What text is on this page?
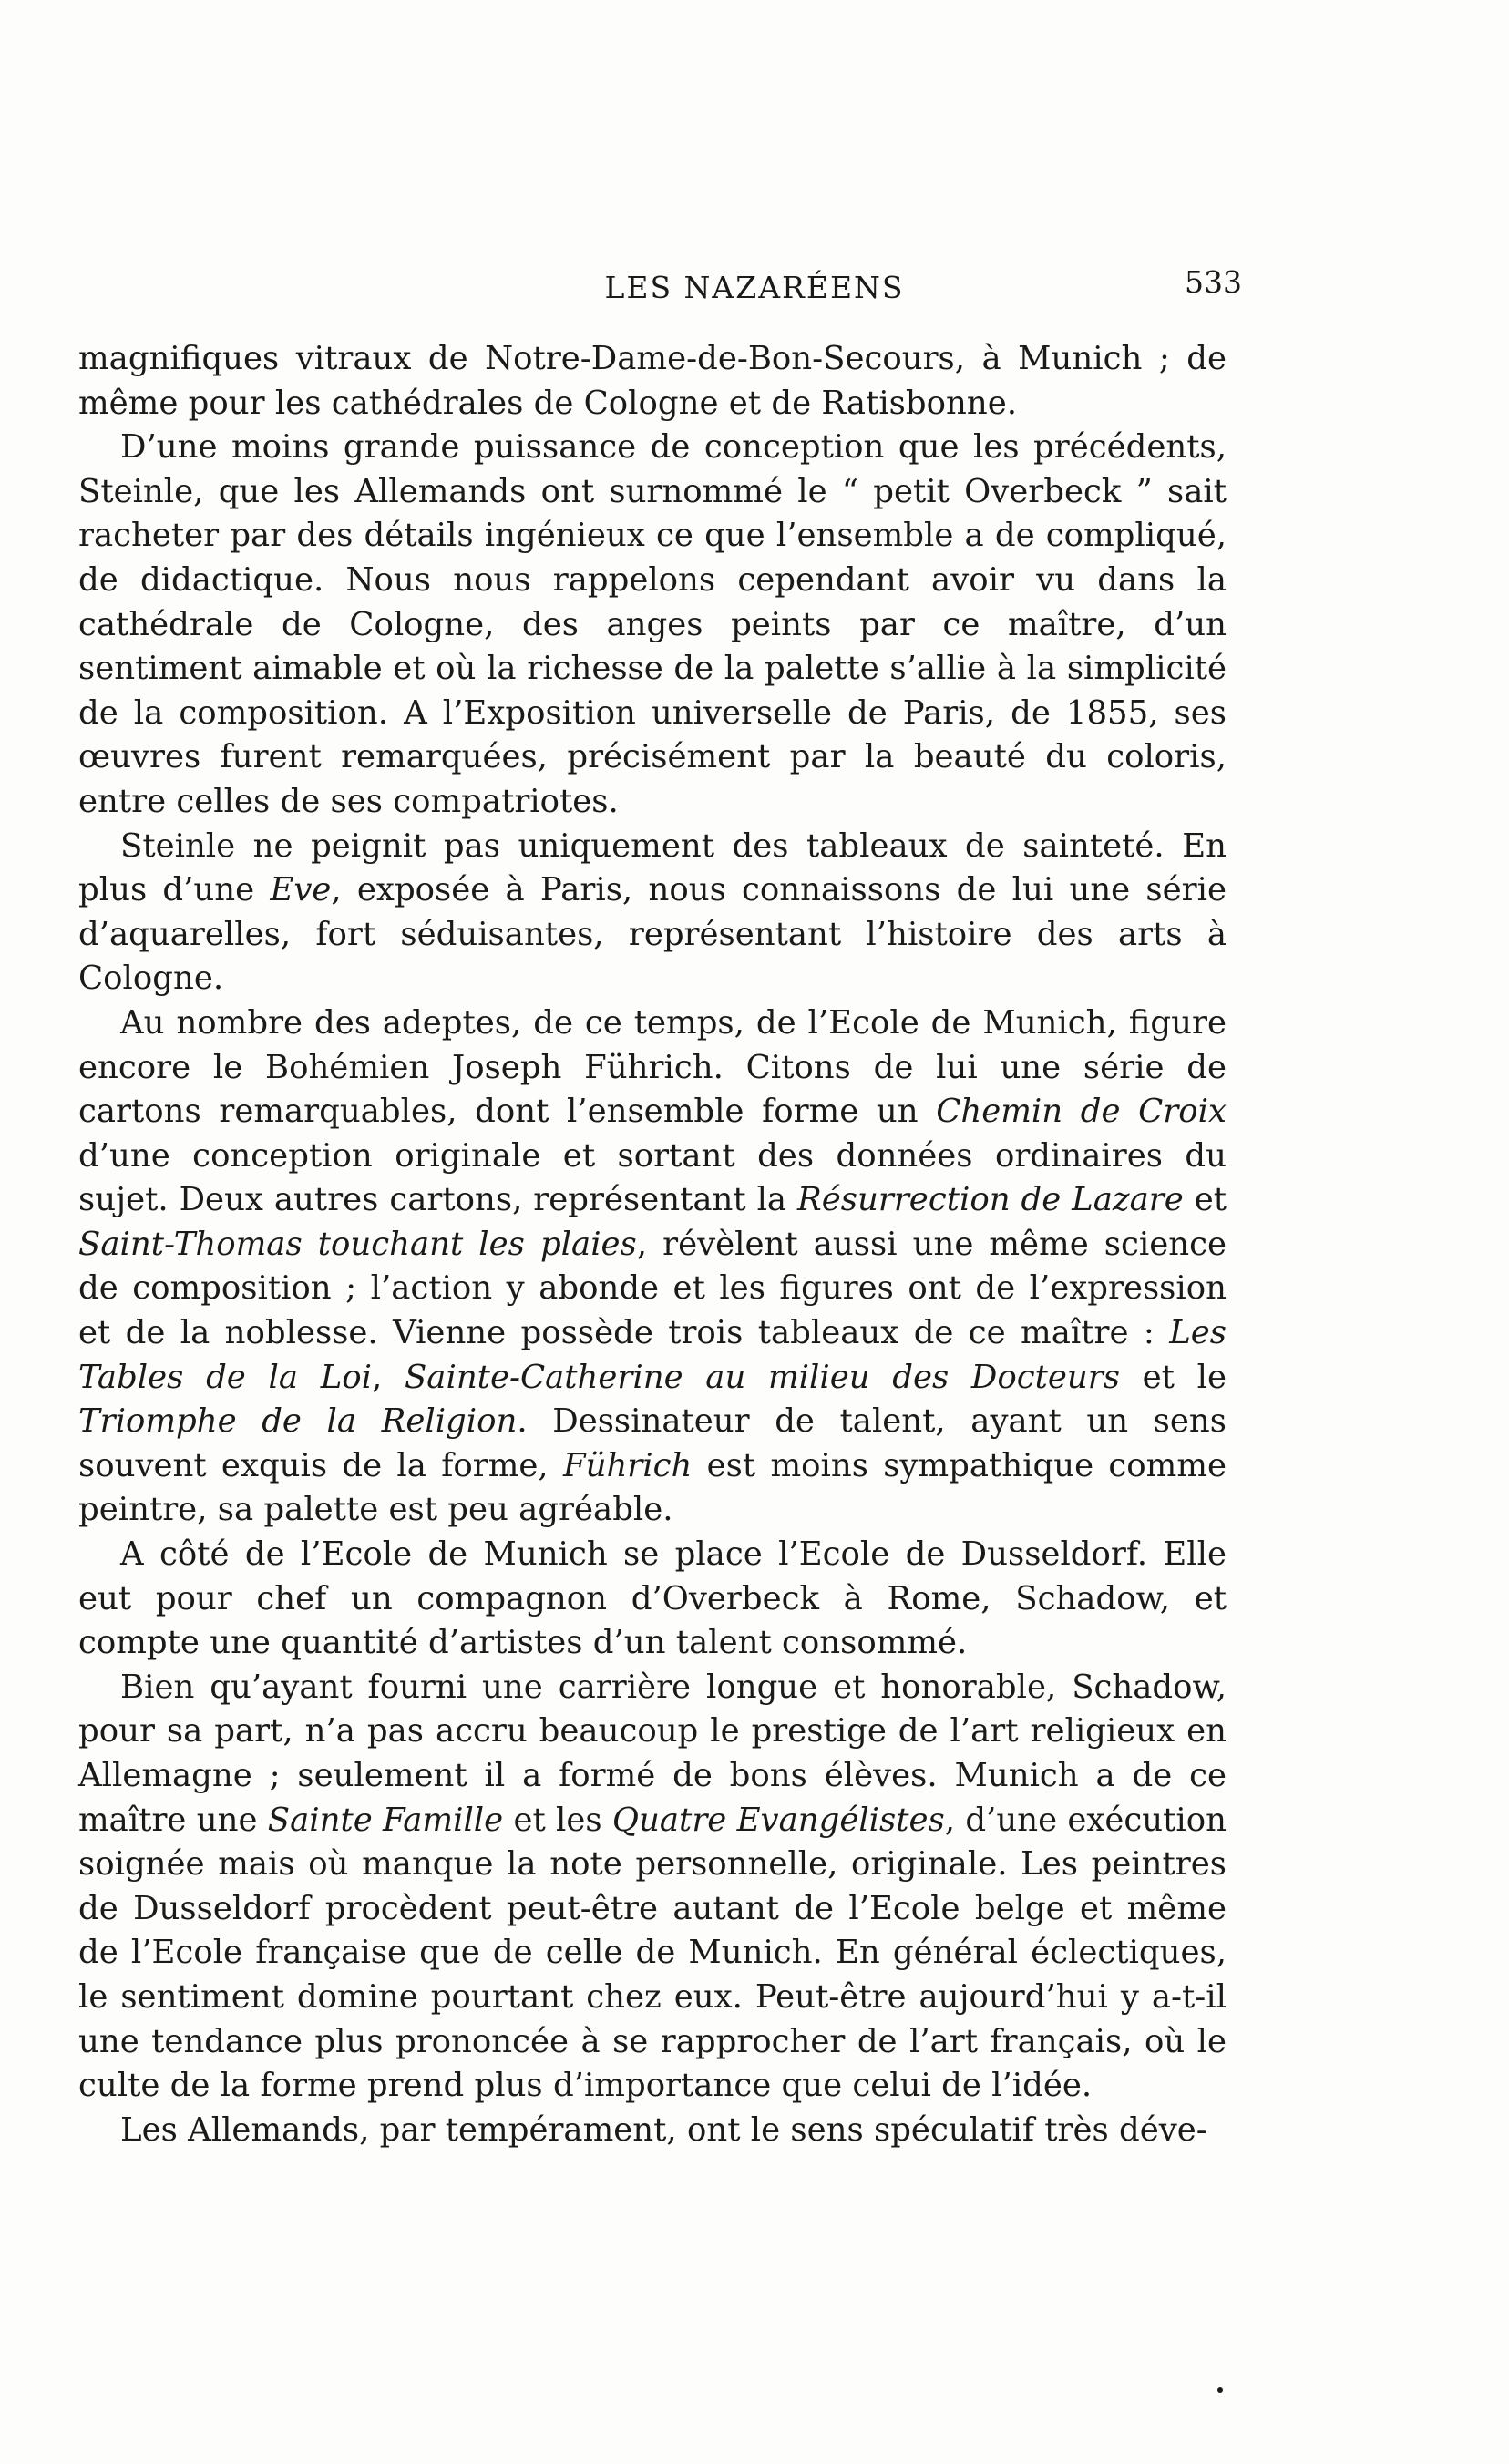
LES NAZARÉENS	533

magnifiques vitraux de Notre-Dame-de-Bon-Secours, à Munich ; de même pour les cathédrales de Cologne et de Ratisbonne.

D’une moins grande puissance de conception que les précédents, Steinle, que les Allemands ont surnommé le “ petit Overbeck ” sait racheter par des détails ingénieux ce que l’ensemble a de compliqué, de didactique. Nous nous rappelons cependant avoir vu dans la cathédrale de Cologne, des anges peints par ce maître, d’un sentiment aimable et où la richesse de la palette s’allie à la simplicité de la composition. A l’Exposition universelle de Paris, de 1855, ses œuvres furent remarquées, précisément par la beauté du coloris, entre celles de ses compatriotes.

Steinle ne peignit pas uniquement des tableaux de sainteté. En plus d’une Eve, exposée à Paris, nous connaissons de lui une série d’aquarelles, fort séduisantes, représentant l’histoire des arts à Cologne.

Au nombre des adeptes, de ce temps, de l’Ecole de Munich, figure encore le Bohémien Joseph Führich. Citons de lui une série de cartons remarquables, dont l’ensemble forme un Chemin de Croix d’une conception originale et sortant des données ordinaires du sujet. Deux autres cartons, représentant la Résurrection de Lazare et Saint-Thomas touchant les plaies, révèlent aussi une même science de composition ; l’action y abonde et les figures ont de l’expression et de la noblesse. Vienne possède trois tableaux de ce maître : Les Tables de la Loi, Sainte-Catherine au milieu des Docteurs et le Triomphe de la Religion. Dessinateur de talent, ayant un sens souvent exquis de la forme, Führich est moins sympathique comme peintre, sa palette est peu agréable.

A côté de l’Ecole de Munich se place l’Ecole de Dusseldorf. Elle eut pour chef un compagnon d’Overbeck à Rome, Schadow, et compte une quantité d’artistes d’un talent consommé.

Bien qu’ayant fourni une carrière longue et honorable, Schadow, pour sa part, n’a pas accru beaucoup le prestige de l’art religieux en Allemagne ; seulement il a formé de bons élèves. Munich a de ce maître une Sainte Famille et les Quatre Evangélistes, d’une exécution soignée mais où manque la note personnelle, originale. Les peintres de Dusseldorf procèdent peut-être autant de l’Ecole belge et même de l’Ecole française que de celle de Munich. En général éclectiques, le sentiment domine pourtant chez eux. Peut-être aujourd’hui y a-t-il une tendance plus prononcée à se rapprocher de l’art français, où le culte de la forme prend plus d’importance que celui de l’idée.

Les Allemands, par tempérament, ont le sens spéculatif très déve-
